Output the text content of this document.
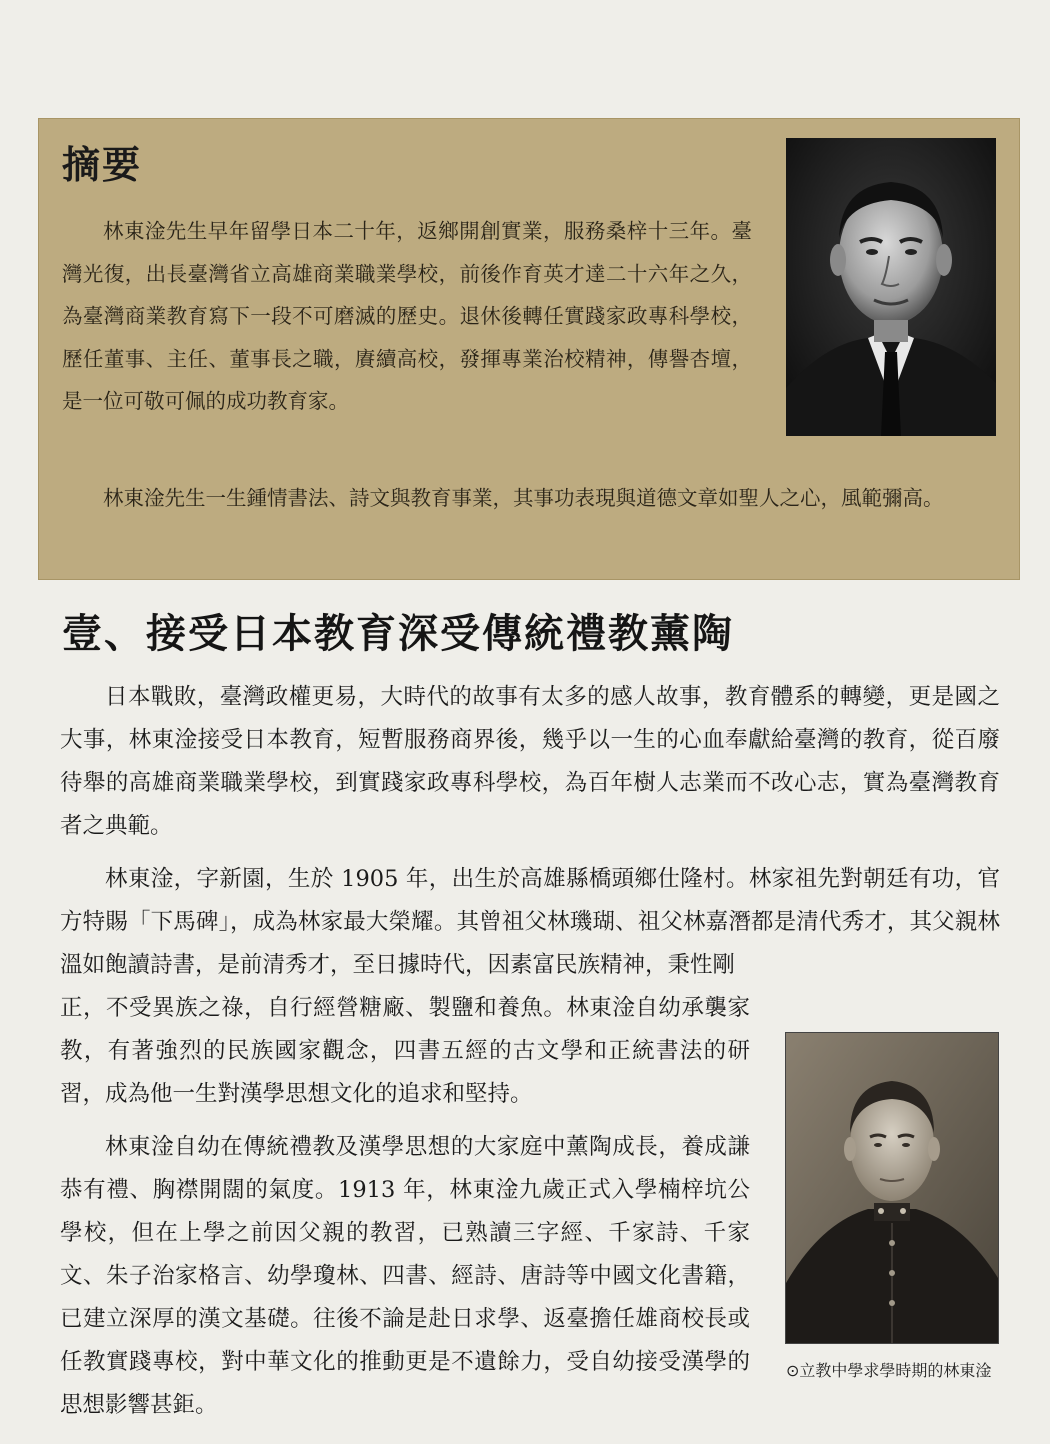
摘要

林東淦先生早年留學日本二十年，返鄉開創實業，服務桑梓十三年。臺灣光復，出長臺灣省立高雄商業職業學校，前後作育英才達二十六年之久，為臺灣商業教育寫下一段不可磨滅的歷史。退休後轉任實踐家政專科學校，歷任董事、主任、董事長之職，賡續高校，發揮專業治校精神，傳譽杏壇，是一位可敬可佩的成功教育家。

林東淦先生一生鍾情書法、詩文與教育事業，其事功表現與道德文章如聖人之心，風範彌高。

壹、接受日本教育深受傳統禮教薰陶

日本戰敗，臺灣政權更易，大時代的故事有太多的感人故事，教育體系的轉變，更是國之大事，林東淦接受日本教育，短暫服務商界後，幾乎以一生的心血奉獻給臺灣的教育，從百廢待舉的高雄商業職業學校，到實踐家政專科學校，為百年樹人志業而不改心志，實為臺灣教育者之典範。

林東淦，字新園，生於 1905 年，出生於高雄縣橋頭鄉仕隆村。林家祖先對朝廷有功，官方特賜「下馬碑」，成為林家最大榮耀。其曾祖父林璣瑚、祖父林嘉潛都是清代秀才，其父親林溫如飽讀詩書，是前清秀才，至日據時代，因素富民族精神，秉性剛

正，不受異族之祿，自行經營糖廠、製鹽和養魚。林東淦自幼承襲家教，有著強烈的民族國家觀念，四書五經的古文學和正統書法的研習，成為他一生對漢學思想文化的追求和堅持。

林東淦自幼在傳統禮教及漢學思想的大家庭中薰陶成長，養成謙恭有禮、胸襟開闊的氣度。1913 年，林東淦九歲正式入學楠梓坑公學校，但在上學之前因父親的教習，已熟讀三字經、千家詩、千家文、朱子治家格言、幼學瓊林、四書、經詩、唐詩等中國文化書籍，已建立深厚的漢文基礎。往後不論是赴日求學、返臺擔任雄商校長或任教實踐專校，對中華文化的推動更是不遺餘力，受自幼接受漢學的思想影響甚鉅。

⊙立教中學求學時期的林東淦
